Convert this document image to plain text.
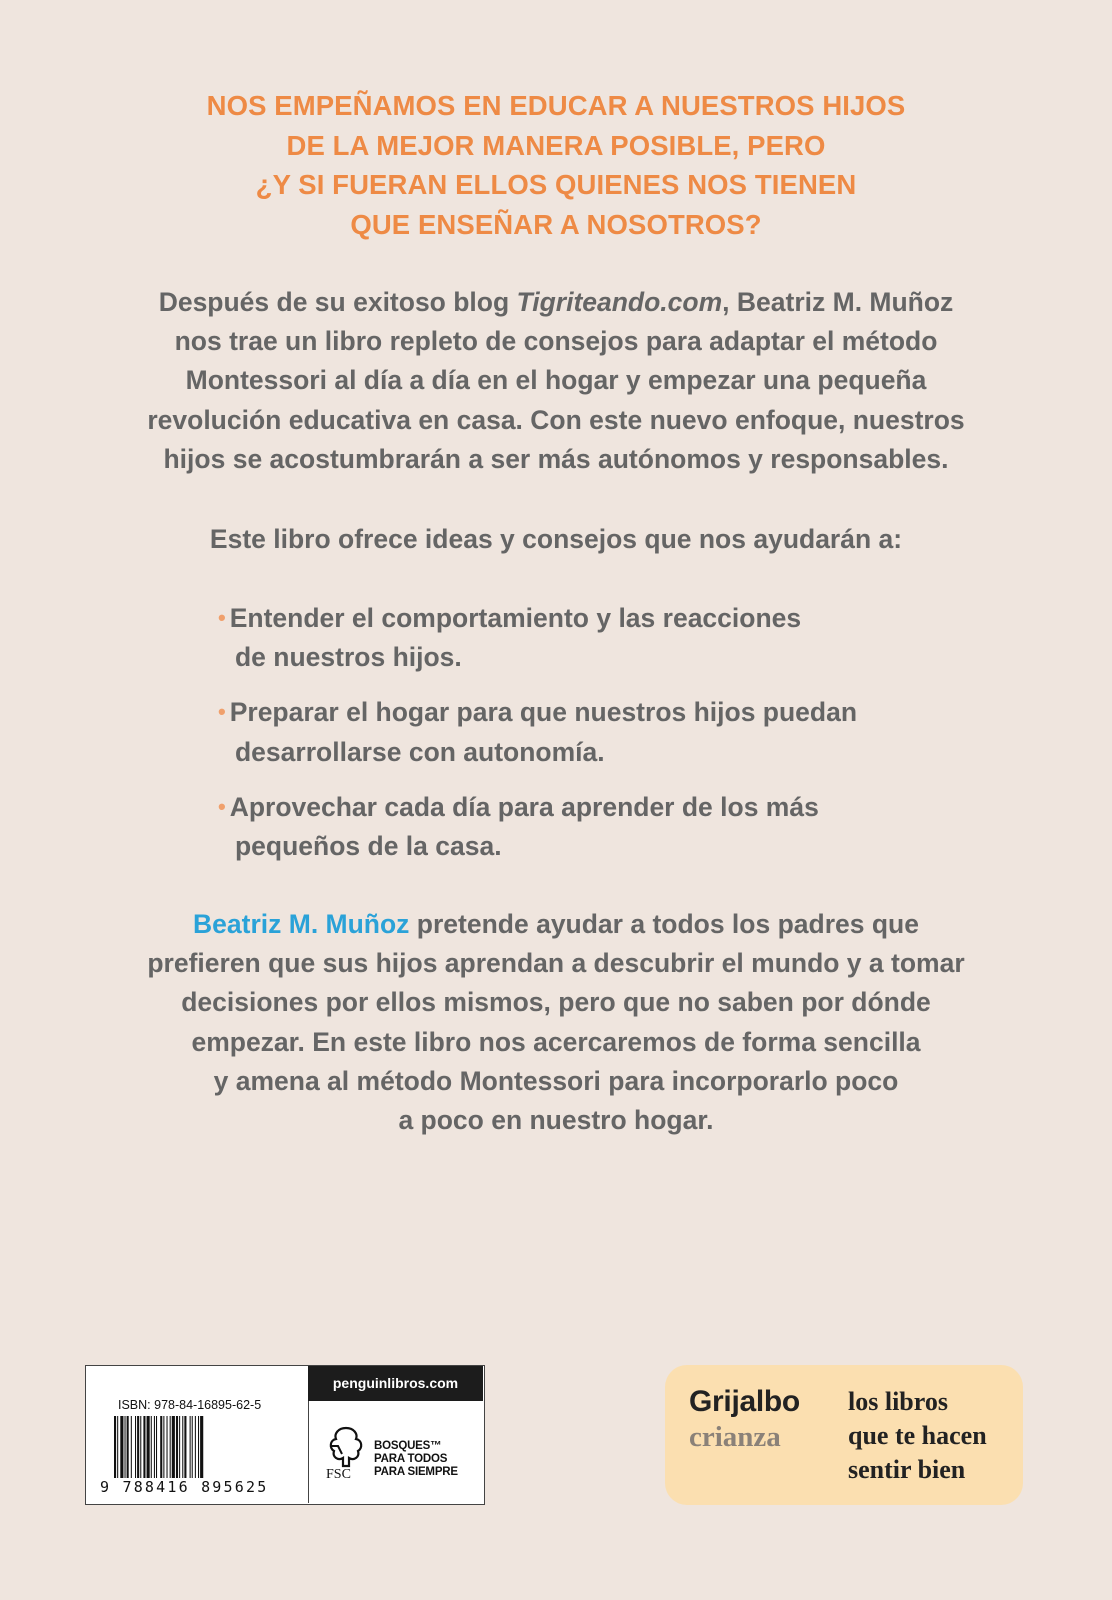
NOS EMPEÑAMOS EN EDUCAR A NUESTROS HIJOS
DE LA MEJOR MANERA POSIBLE, PERO
¿Y SI FUERAN ELLOS QUIENES NOS TIENEN
QUE ENSEÑAR A NOSOTROS?
Después de su exitoso blog Tigriteando.com, Beatriz M. Muñoz
nos trae un libro repleto de consejos para adaptar el método
Montessori al día a día en el hogar y empezar una pequeña
revolución educativa en casa. Con este nuevo enfoque, nuestros
hijos se acostumbrarán a ser más autónomos y responsables.
Este libro ofrece ideas y consejos que nos ayudarán a:
• Entender el comportamiento y las reacciones
de nuestros hijos.
• Preparar el hogar para que nuestros hijos puedan
desarrollarse con autonomía.
• Aprovechar cada día para aprender de los más
pequeños de la casa.
Beatriz M. Muñoz pretende ayudar a todos los padres que
prefieren que sus hijos aprendan a descubrir el mundo y a tomar
decisiones por ellos mismos, pero que no saben por dónde
empezar. En este libro nos acercaremos de forma sencilla
y amena al método Montessori para incorporarlo poco
a poco en nuestro hogar.
ISBN: 978-84-16895-62-5
9 788416 895625
penguinlibros.com
FSC
BOSQUES™
PARA TODOS
PARA SIEMPRE
Grijalbo
crianza
los libros
que te hacen
sentir bien
